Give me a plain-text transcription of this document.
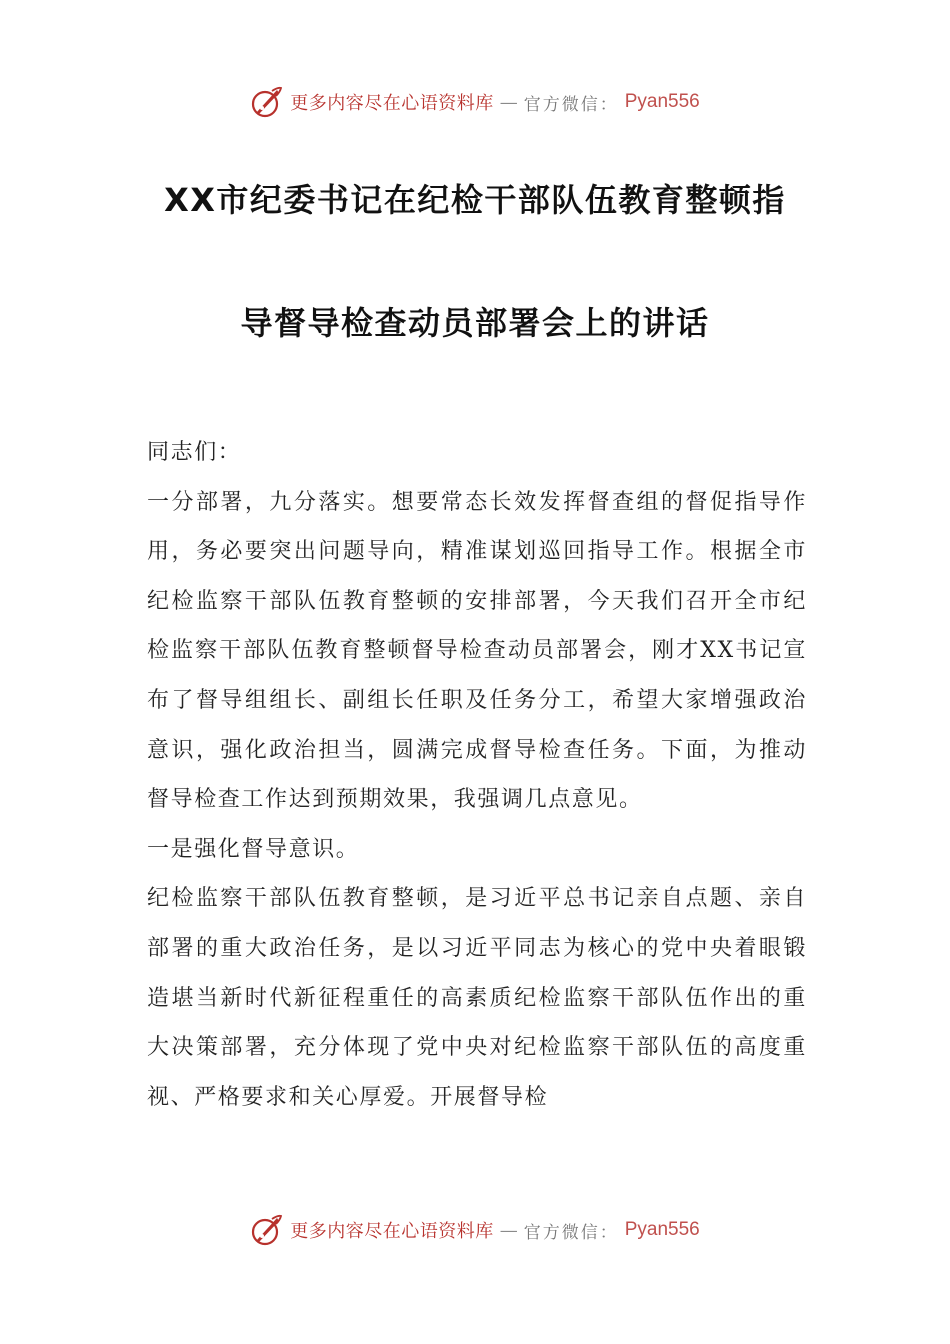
更多内容尽在心语资料库 — 官方微信： Pyan556
XX市纪委书记在纪检干部队伍教育整顿指
导督导检查动员部署会上的讲话

同志们：

一分部署，九分落实。想要常态长效发挥督查组的督促指导作用，务必要突出问题导向，精准谋划巡回指导工作。根据全市纪检监察干部队伍教育整顿的安排部署，今天我们召开全市纪检监察干部队伍教育整顿督导检查动员部署会，刚才XX书记宣布了督导组组长、副组长任职及任务分工，希望大家增强政治意识，强化政治担当，圆满完成督导检查任务。下面，为推动督导检查工作达到预期效果，我强调几点意见。

一是强化督导意识。

纪检监察干部队伍教育整顿，是习近平总书记亲自点题、亲自部署的重大政治任务，是以习近平同志为核心的党中央着眼锻造堪当新时代新征程重任的高素质纪检监察干部队伍作出的重大决策部署，充分体现了党中央对纪检监察干部队伍的高度重视、严格要求和关心厚爱。开展督导检

更多内容尽在心语资料库 — 官方微信： Pyan556
